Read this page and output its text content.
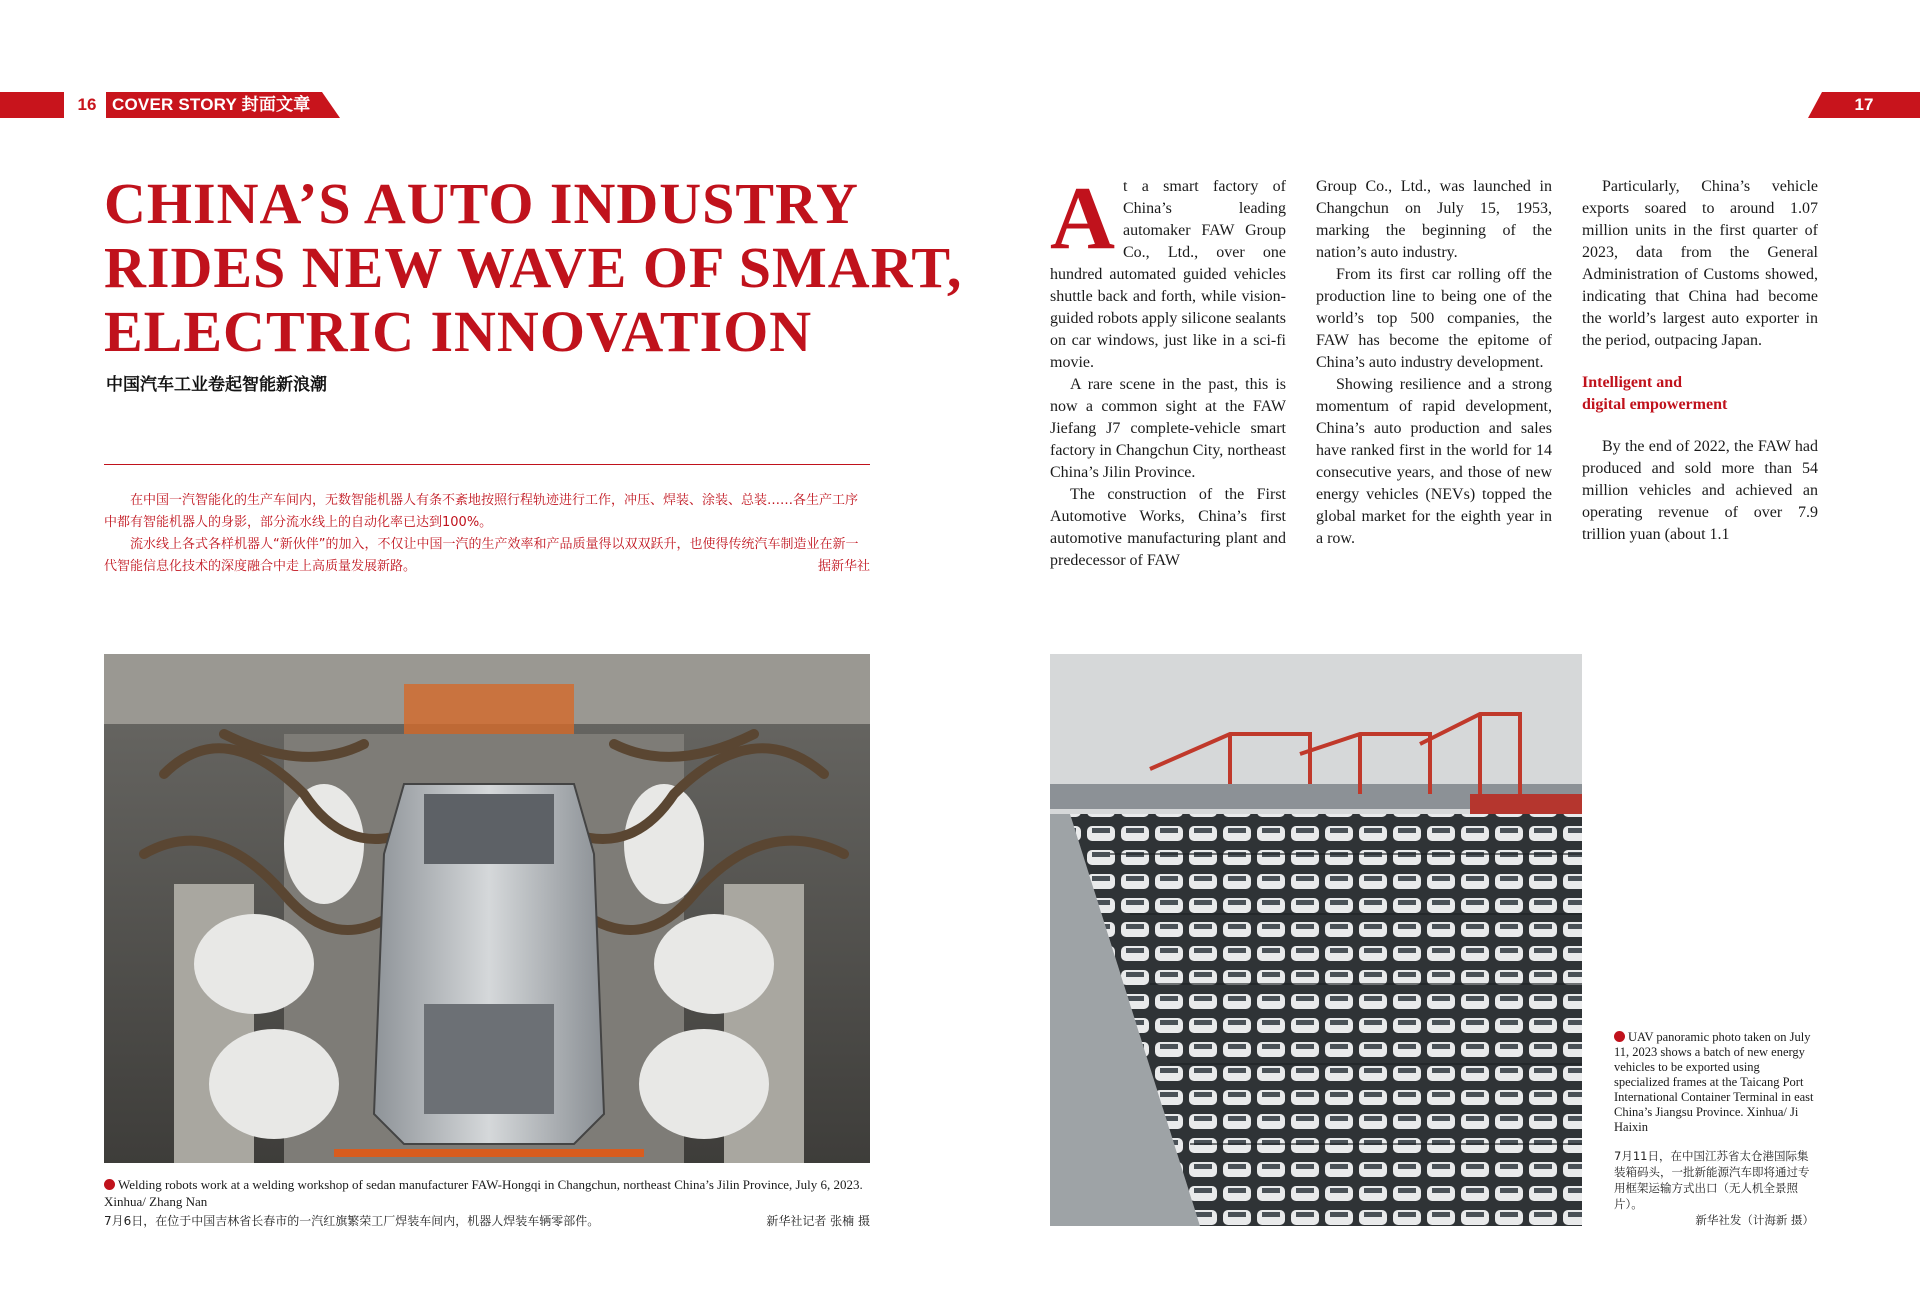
16 COVER STORY 封面文章	17
CHINA’S AUTO INDUSTRY
RIDES NEW WAVE OF SMART,
ELECTRIC INNOVATION
中国汽车工业卷起智能新浪潮

在中国一汽智能化的生产车间内，无数智能机器人有条不紊地按照行程轨迹进行工作，冲压、焊装、涂装、总装……各生产工序中都有智能机器人的身影，部分流水线上的自动化率已达到100%。

流水线上各式各样机器人“新伙伴”的加入，不仅让中国一汽的生产效率和产品质量得以双双跃升，也使得传统汽车制造业在新一代智能信息化技术的深度融合中走上高质量发展新路。	据新华社

At a smart factory of China’s leading automaker FAW Group Co., Ltd., over one hundred automated guided vehicles shuttle back and forth, while vision-guided robots apply silicone sealants on car windows, just like in a sci-fi movie.

A rare scene in the past, this is now a common sight at the FAW Jiefang J7 complete-vehicle smart factory in Changchun City, northeast China’s Jilin Province.

The construction of the First Automotive Works, China’s first automotive manufacturing plant and predecessor of FAW

Group Co., Ltd., was launched in Changchun on July 15, 1953, marking the beginning of the nation’s auto industry.

From its first car rolling off the production line to being one of the world’s top 500 companies, the FAW has become the epitome of China’s auto industry development.

Showing resilience and a strong momentum of rapid development, China’s auto production and sales have ranked first in the world for 14 consecutive years, and those of new energy vehicles (NEVs) topped the global market for the eighth year in a row.

Particularly, China’s vehicle exports soared to around 1.07 million units in the first quarter of 2023, data from the General Administration of Customs showed, indicating that China had become the world’s largest auto exporter in the period, outpacing Japan.

Intelligent and
digital empowerment

By the end of 2022, the FAW had produced and sold more than 54 million vehicles and achieved an operating revenue of over 7.9 trillion yuan (about 1.1

Welding robots work at a welding workshop of sedan manufacturer FAW-Hongqi in Changchun, northeast China’s Jilin Province, July 6, 2023. Xinhua/ Zhang Nan
7月6日，在位于中国吉林省长春市的一汽红旗繁荣工厂焊装车间内，机器人焊装车辆零部件。	新华社记者 张楠 摄
UAV panoramic photo taken on July 11, 2023 shows a batch of new energy vehicles to be exported using specialized frames at the Taicang Port International Container Terminal in east China’s Jiangsu Province. Xinhua/ Ji Haixin
7月11日，在中国江苏省太仓港国际集装箱码头，一批新能源汽车即将通过专用框架运输方式出口（无人机全景照片）。
新华社发（计海新 摄）
